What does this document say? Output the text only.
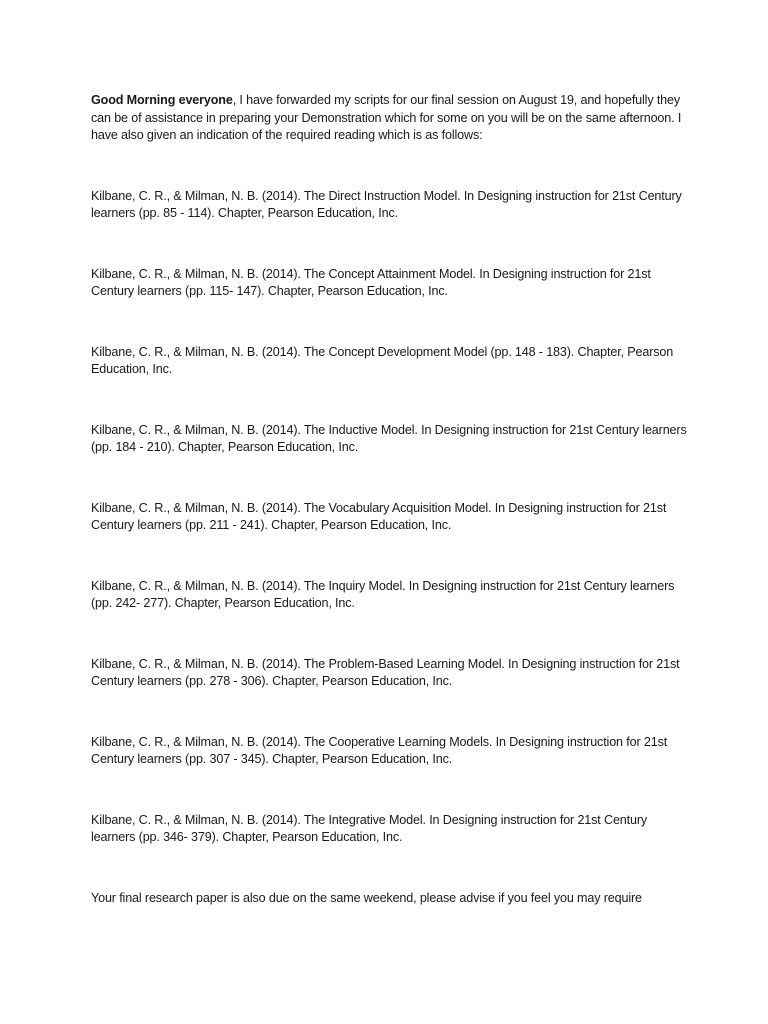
Good Morning everyone, I have forwarded my scripts for our final session on August 19, and hopefully they can be of assistance in preparing your Demonstration which for some on you will be on the same afternoon. I have also given an indication of the required reading which is as follows:

Kilbane, C. R., & Milman, N. B. (2014). The Direct Instruction Model. In Designing instruction for 21st Century learners (pp. 85 - 114). Chapter, Pearson Education, Inc.

Kilbane, C. R., & Milman, N. B. (2014). The Concept Attainment Model. In Designing instruction for 21st Century learners (pp. 115- 147). Chapter, Pearson Education, Inc.

Kilbane, C. R., & Milman, N. B. (2014). The Concept Development Model (pp. 148 - 183). Chapter, Pearson Education, Inc.

Kilbane, C. R., & Milman, N. B. (2014). The Inductive Model. In Designing instruction for 21st Century learners (pp. 184 - 210). Chapter, Pearson Education, Inc.

Kilbane, C. R., & Milman, N. B. (2014). The Vocabulary Acquisition Model. In Designing instruction for 21st Century learners (pp. 211 - 241). Chapter, Pearson Education, Inc.

Kilbane, C. R., & Milman, N. B. (2014). The Inquiry Model. In Designing instruction for 21st Century learners (pp. 242- 277). Chapter, Pearson Education, Inc.

Kilbane, C. R., & Milman, N. B. (2014). The Problem-Based Learning Model. In Designing instruction for 21st Century learners (pp. 278 - 306). Chapter, Pearson Education, Inc.

Kilbane, C. R., & Milman, N. B. (2014). The Cooperative Learning Models. In Designing instruction for 21st Century learners (pp. 307 - 345). Chapter, Pearson Education, Inc.

Kilbane, C. R., & Milman, N. B. (2014). The Integrative Model. In Designing instruction for 21st Century learners (pp. 346- 379). Chapter, Pearson Education, Inc.

Your final research paper is also due on the same weekend, please advise if you feel you may require
